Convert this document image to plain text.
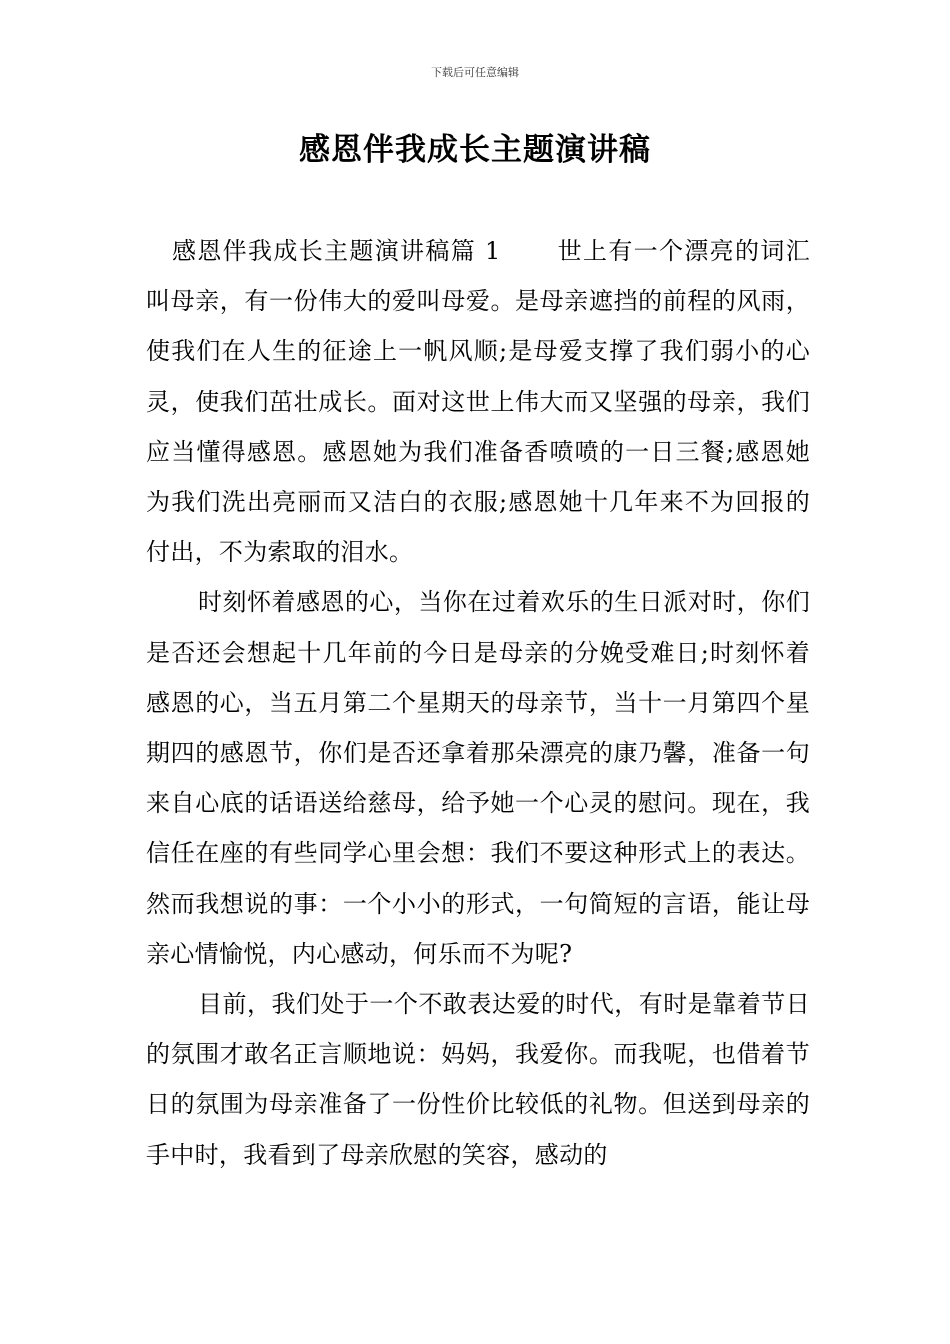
下载后可任意编辑
感恩伴我成长主题演讲稿

感恩伴我成长主题演讲稿篇 1 世上有一个漂亮的词汇叫母亲，有一份伟大的爱叫母爱。是母亲遮挡的前程的风雨，使我们在人生的征途上一帆风顺;是母爱支撑了我们弱小的心灵，使我们茁壮成长。面对这世上伟大而又坚强的母亲，我们应当懂得感恩。感恩她为我们准备香喷喷的一日三餐;感恩她为我们洗出亮丽而又洁白的衣服;感恩她十几年来不为回报的付出，不为索取的泪水。

时刻怀着感恩的心，当你在过着欢乐的生日派对时，你们是否还会想起十几年前的今日是母亲的分娩受难日;时刻怀着感恩的心，当五月第二个星期天的母亲节，当十一月第四个星期四的感恩节，你们是否还拿着那朵漂亮的康乃馨，准备一句来自心底的话语送给慈母，给予她一个心灵的慰问。现在，我信任在座的有些同学心里会想：我们不要这种形式上的表达。然而我想说的事：一个小小的形式，一句简短的言语，能让母亲心情愉悦，内心感动，何乐而不为呢?

目前，我们处于一个不敢表达爱的时代，有时是靠着节日的氛围才敢名正言顺地说：妈妈，我爱你。而我呢，也借着节日的氛围为母亲准备了一份性价比较低的礼物。但送到母亲的手中时，我看到了母亲欣慰的笑容，感动的
